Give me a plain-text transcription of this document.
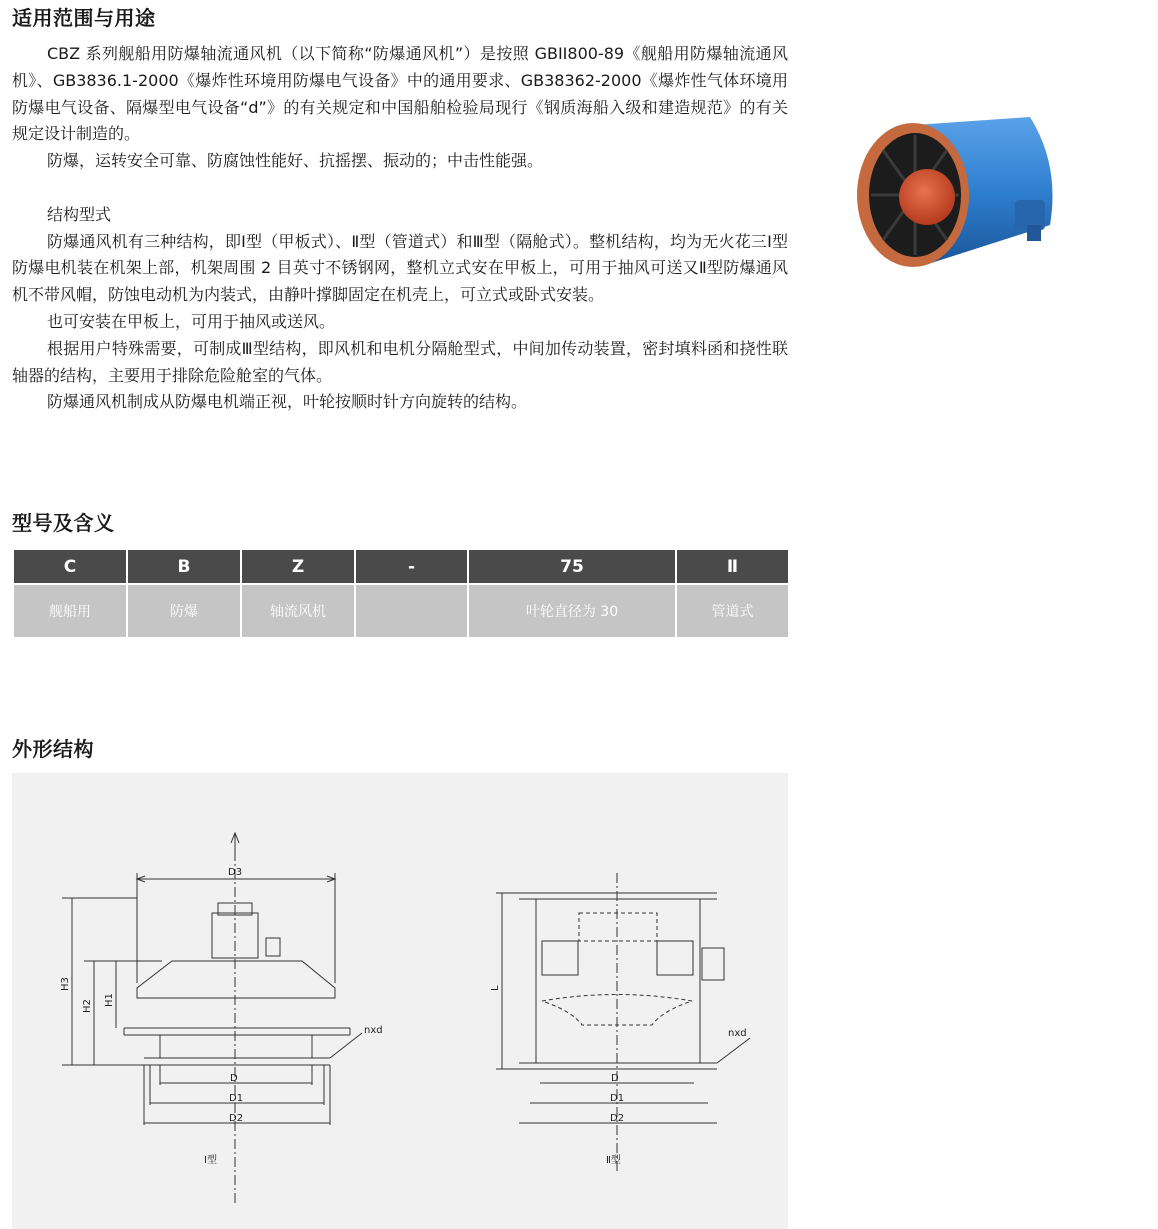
适用范围与用途

CBZ 系列舰船用防爆轴流通风机（以下简称“防爆通风机”）是按照 GBII800-89《舰船用防爆轴流通风机》、GB3836.1-2000《爆炸性环境用防爆电气设备》中的通用要求、GB38362-2000《爆炸性气体环境用防爆电气设备、隔爆型电气设备“d”》的有关规定和中国船舶检验局现行《钢质海船入级和建造规范》的有关规定设计制造的。

防爆，运转安全可靠、防腐蚀性能好、抗摇摆、振动的；中击性能强。

结构型式

防爆通风机有三种结构，即Ⅰ型（甲板式）、Ⅱ型（管道式）和Ⅲ型（隔舱式）。整机结构，均为无火花三Ⅰ型防爆电机装在机架上部，机架周围 2 目英寸不锈钢网，整机立式安在甲板上，可用于抽风可送又Ⅱ型防爆通风机不带风帽，防蚀电动机为内装式，由静叶撑脚固定在机壳上，可立式或卧式安装。

也可安装在甲板上，可用于抽风或送风。

根据用户特殊需要，可制成Ⅲ型结构，即风机和电机分隔舱型式，中间加传动装置，密封填料函和挠性联轴器的结构，主要用于排除危险舱室的气体。

防爆通风机制成从防爆电机端正视，叶轮按顺时针方向旋转的结构。

型号及含义
C	B	Z	-	75	Ⅱ
舰船用	防爆	轴流风机		叶轮直径为 30	管道式
外形结构
D3
H3
H2 H1
nxd
D
D1
D2
Ⅰ型
L
nxd
D
D1
D2
Ⅱ型
